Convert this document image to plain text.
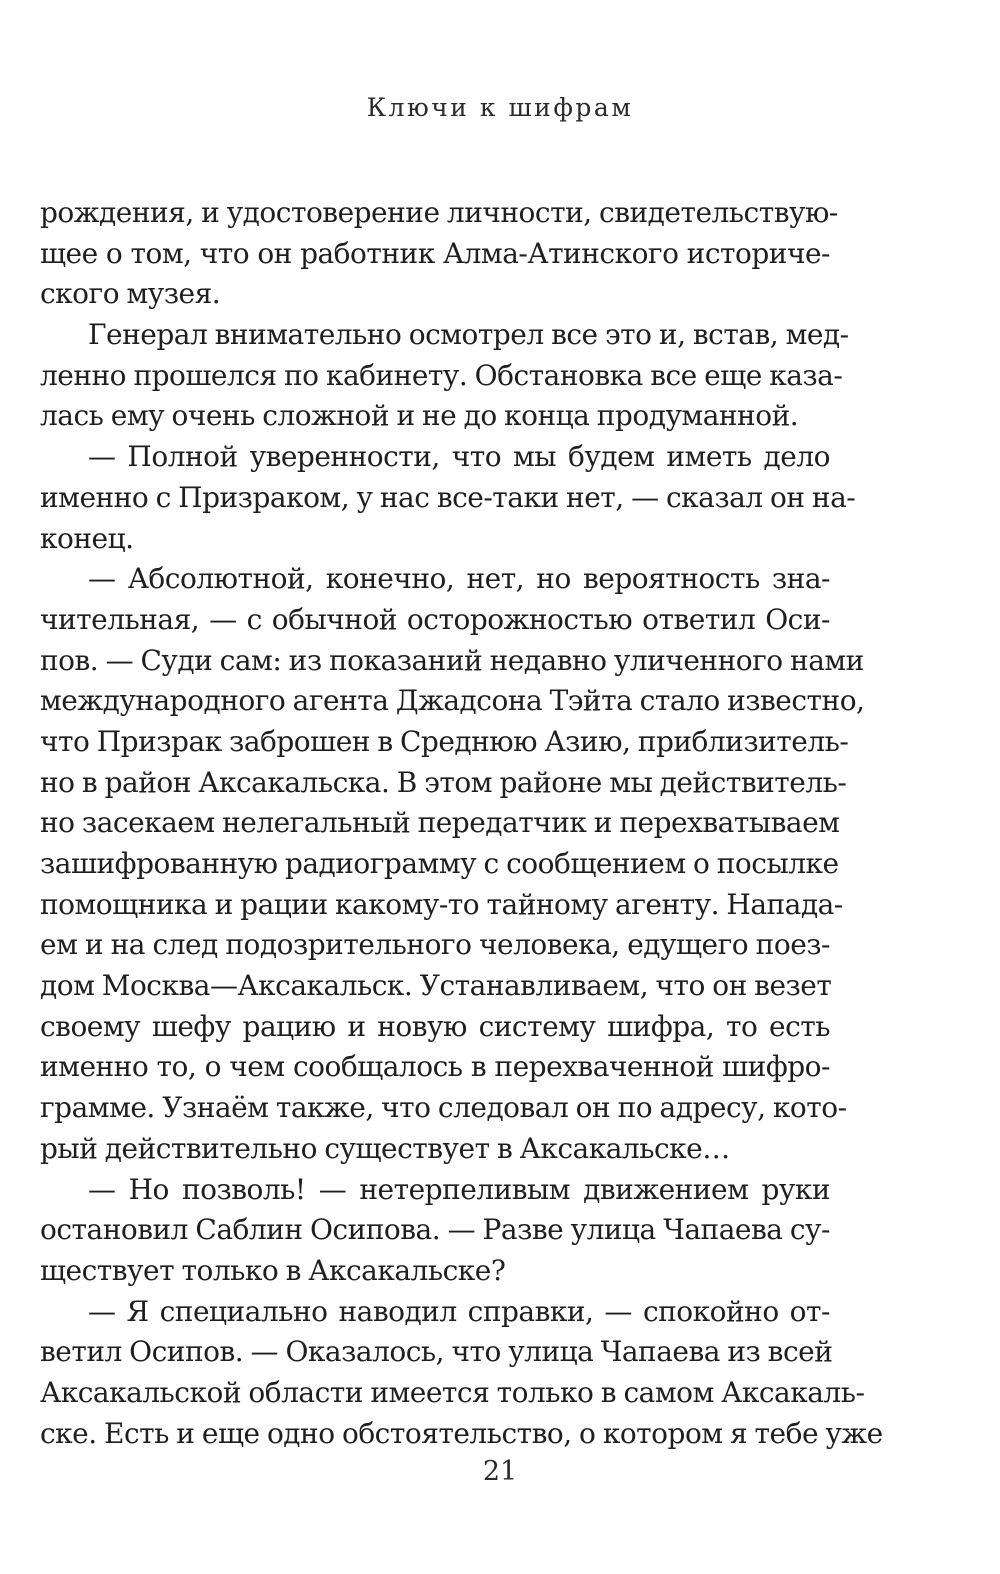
Ключи к шифрам
рождения, и удостоверение личности, свидетельствую-
щее о том, что он работник Алма-Атинского историче-
ского музея.
Генерал внимательно осмотрел все это и, встав, мед-
ленно прошелся по кабинету. Обстановка все еще каза-
лась ему очень сложной и не до конца продуманной.
— Полной уверенности, что мы будем иметь дело
именно с Призраком, у нас все-таки нет, — сказал он на-
конец.
— Абсолютной, конечно, нет, но вероятность зна-
чительная, — с обычной осторожностью ответил Оси-
пов. — Суди сам: из показаний недавно уличенного нами
международного агента Джадсона Тэйта стало известно,
что Призрак заброшен в Среднюю Азию, приблизитель-
но в район Аксакальска. В этом районе мы действитель-
но засекаем нелегальный передатчик и перехватываем
зашифрованную радиограмму с сообщением о посылке
помощника и рации какому-то тайному агенту. Напада-
ем и на след подозрительного человека, едущего поез-
дом Москва—Аксакальск. Устанавливаем, что он везет
своему шефу рацию и новую систему шифра, то есть
именно то, о чем сообщалось в перехваченной шифро-
грамме. Узнаём также, что следовал он по адресу, кото-
рый действительно существует в Аксакальске…
— Но позволь! — нетерпеливым движением руки
остановил Саблин Осипова. — Разве улица Чапаева су-
ществует только в Аксакальске?
— Я специально наводил справки, — спокойно от-
ветил Осипов. — Оказалось, что улица Чапаева из всей
Аксакальской области имеется только в самом Аксакаль-
ске. Есть и еще одно обстоятельство, о котором я тебе уже
21
